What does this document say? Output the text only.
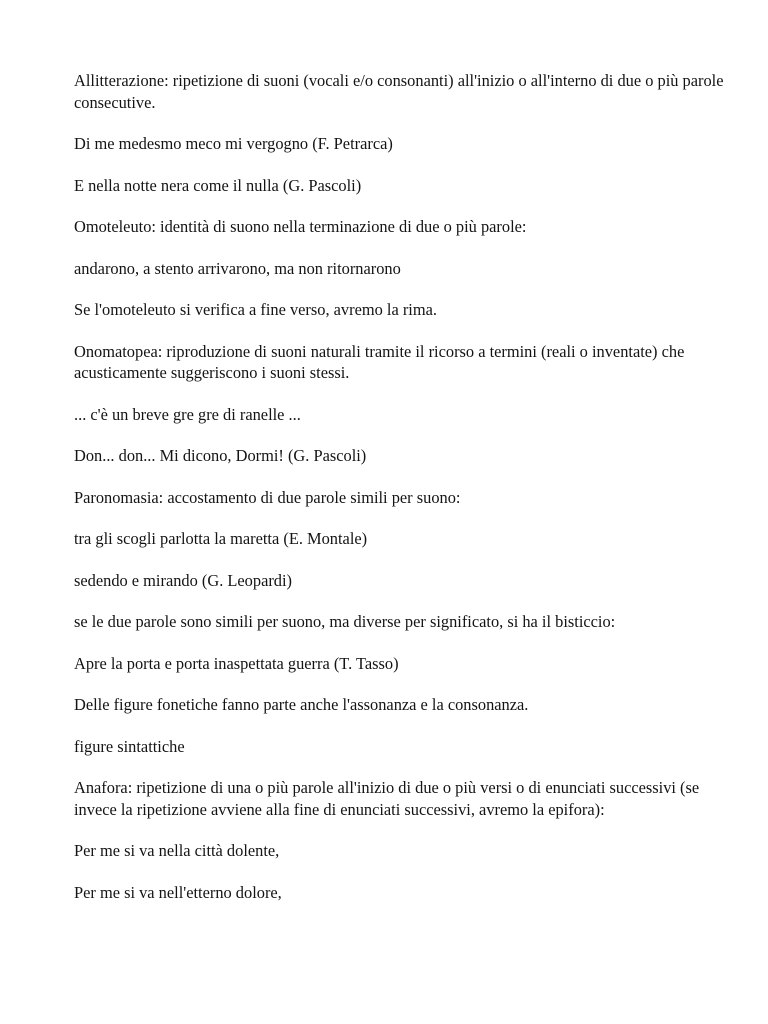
Allitterazione: ripetizione di suoni (vocali e/o consonanti) all'inizio o all'interno di due o più parole consecutive.

Di me medesmo meco mi vergogno (F. Petrarca)

E nella notte nera come il nulla (G. Pascoli)

Omoteleuto: identità di suono nella terminazione di due o più parole:

andarono, a stento arrivarono, ma non ritornarono

Se l'omoteleuto si verifica a fine verso, avremo la rima.

Onomatopea: riproduzione di suoni naturali tramite il ricorso a termini (reali o inventate) che acusticamente suggeriscono i suoni stessi.

... c'è un breve gre gre di ranelle ...

Don... don... Mi dicono, Dormi! (G. Pascoli)

Paronomasia: accostamento di due parole simili per suono:

tra gli scogli parlotta la maretta (E. Montale)

sedendo e mirando (G. Leopardi)

se le due parole sono simili per suono, ma diverse per significato, si ha il bisticcio:

Apre la porta e porta inaspettata guerra (T. Tasso)

Delle figure fonetiche fanno parte anche l'assonanza e la consonanza.

figure sintattiche

Anafora: ripetizione di una o più parole all'inizio di due o più versi o di enunciati successivi (se invece la ripetizione avviene alla fine di enunciati successivi, avremo la epifora):

Per me si va nella città dolente,

Per me si va nell'etterno dolore,
